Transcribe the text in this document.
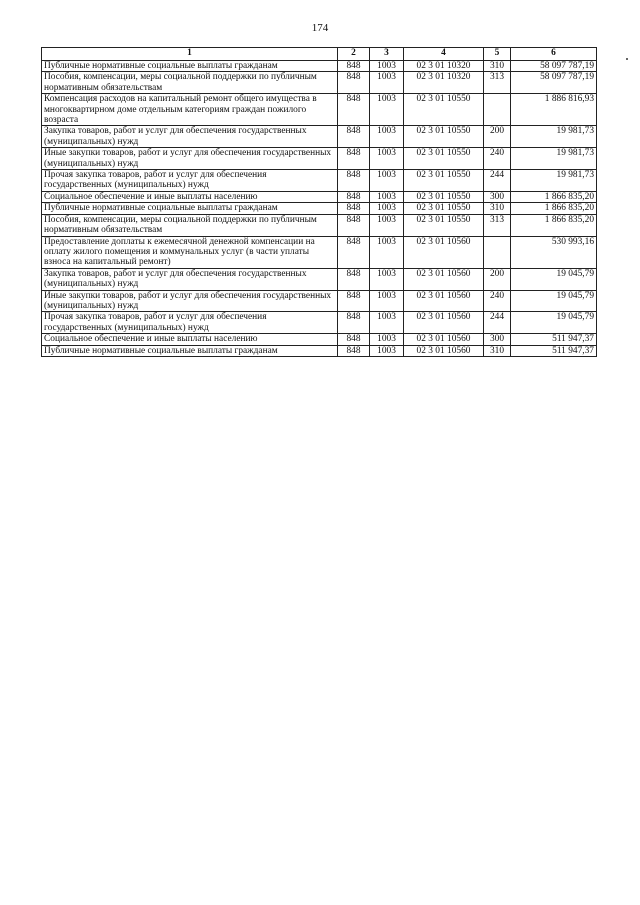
174
1	2	3	4	5	6
Публичные нормативные социальные выплаты гражданам	848	1003	02 3 01 10320	310	58 097 787,19
Пособия, компенсации, меры социальной поддержки по публичным нормативным обязательствам	848	1003	02 3 01 10320	313	58 097 787,19
Компенсация расходов на капитальный ремонт общего имущества в многоквартирном доме отдельным категориям граждан пожилого возраста	848	1003	02 3 01 10550		1 886 816,93
Закупка товаров, работ и услуг для обеспечения государственных (муниципальных) нужд	848	1003	02 3 01 10550	200	19 981,73
Иные закупки товаров, работ и услуг для обеспечения государственных (муниципальных) нужд	848	1003	02 3 01 10550	240	19 981,73
Прочая закупка товаров, работ и услуг для обеспечения государственных (муниципальных) нужд	848	1003	02 3 01 10550	244	19 981,73
Социальное обеспечение и иные выплаты населению	848	1003	02 3 01 10550	300	1 866 835,20
Публичные нормативные социальные выплаты гражданам	848	1003	02 3 01 10550	310	1 866 835,20
Пособия, компенсации, меры социальной поддержки по публичным нормативным обязательствам	848	1003	02 3 01 10550	313	1 866 835,20
Предоставление доплаты к ежемесячной денежной компенсации на оплату жилого помещения и коммунальных услуг (в части уплаты взноса на капитальный ремонт)	848	1003	02 3 01 10560		530 993,16
Закупка товаров, работ и услуг для обеспечения государственных (муниципальных) нужд	848	1003	02 3 01 10560	200	19 045,79
Иные закупки товаров, работ и услуг для обеспечения государственных (муниципальных) нужд	848	1003	02 3 01 10560	240	19 045,79
Прочая закупка товаров, работ и услуг для обеспечения государственных (муниципальных) нужд	848	1003	02 3 01 10560	244	19 045,79
Социальное обеспечение и иные выплаты населению	848	1003	02 3 01 10560	300	511 947,37
Публичные нормативные социальные выплаты гражданам	848	1003	02 3 01 10560	310	511 947,37
